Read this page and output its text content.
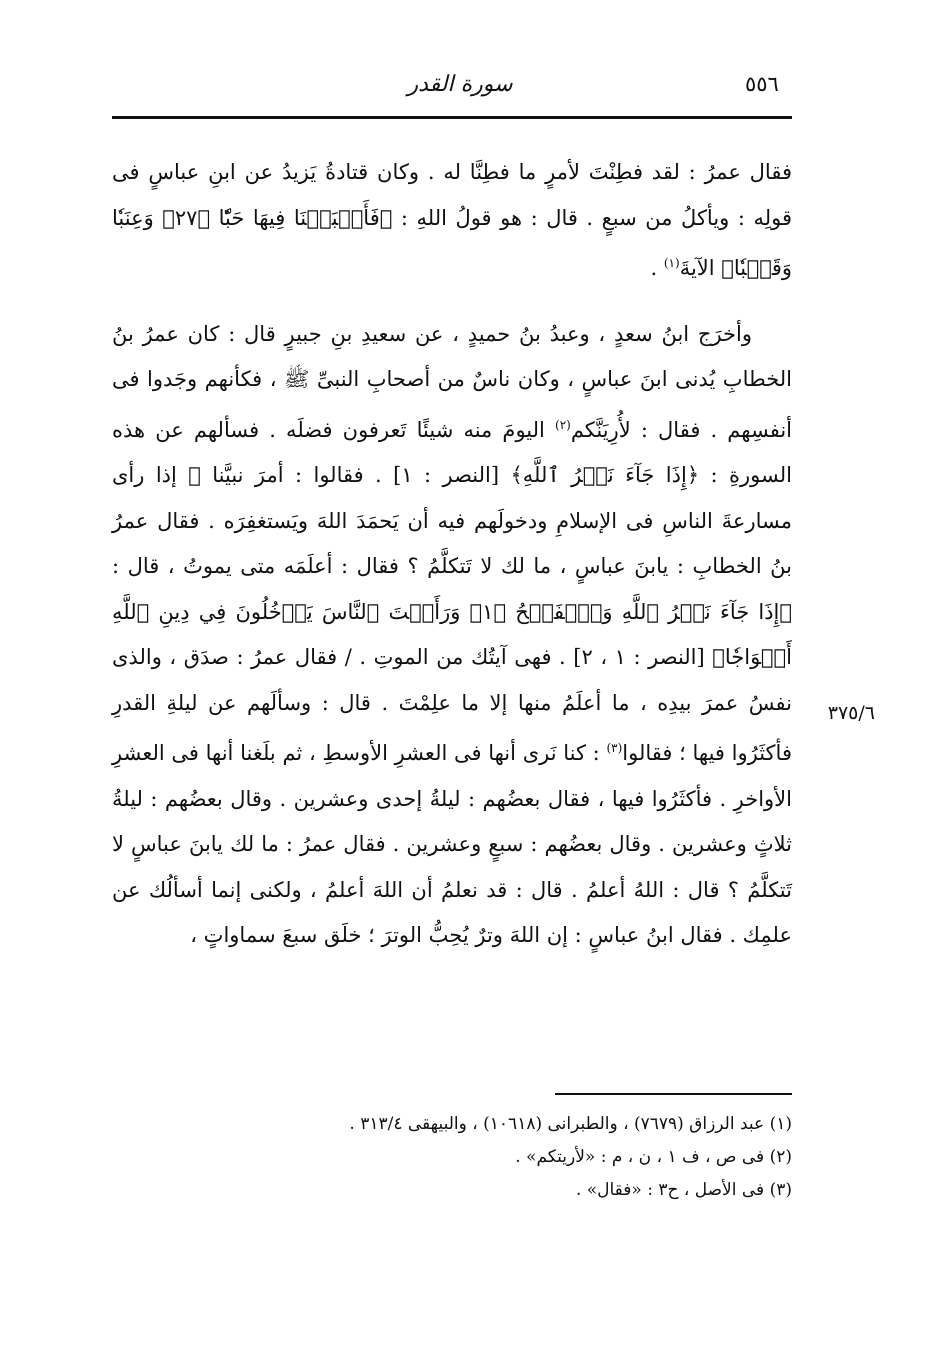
٥٥٦
سورة القدر

فقال عمرُ : لقد فطِنْتَ لأمرٍ ما فطِنَّا له . وكان قتادةُ يَزيدُ عن ابنِ عباسٍ فى قولِه : ويأكلُ من سبعٍ . قال : هو قولُ اللهِ : ﴿فَأَنۢبَتۡنَا فِيهَا حَبّٗا ﴿٢٧﴾ وَعِنَبٗا وَقَضۡبٗا﴾ الآيةَ$^{(١)}$ .

وأخرَج ابنُ سعدٍ ، وعبدُ بنُ حميدٍ ، عن سعيدِ بنِ جبيرٍ قال : كان عمرُ بنُ الخطابِ يُدنى ابنَ عباسٍ ، وكان ناسٌ من أصحابِ النبىِّ ﷺ ، فكأنهم وجَدوا فى أنفسِهم . فقال : لأُرِيَنَّكم$^{(٢)}$ اليومَ منه شيئًا تَعرفون فضلَه . فسألهم عن هذه السورةِ : ﴿إِذَا جَآءَ نَصۡرُ ٱللَّهِ﴾ [النصر : ١] . فقالوا : أمرَ نبيَّنا ﷺ إذا رأى مسارعةَ الناسِ فى الإسلامِ ودخولَهم فيه أن يَحمَدَ اللهَ ويَستغفِرَه . فقال عمرُ بنُ الخطابِ : يابنَ عباسٍ ، ما لك لا تَتكلَّمُ ؟ فقال : أعلَمَه متى يموتُ ، قال : ﴿إِذَا جَآءَ نَصۡرُ ٱللَّهِ وَٱلۡفَتۡحُ ﴿١﴾ وَرَأَيۡتَ ٱلنَّاسَ يَدۡخُلُونَ فِي دِينِ ٱللَّهِ أَفۡوَاجٗا﴾ [النصر : ١ ، ٢] . فهى آيتُك من الموتِ . / فقال عمرُ : صدَق ، والذى نفسُ عمرَ بيدِه ، ما أعلَمُ منها إلا ما علِمْتَ . قال : وسألَهم عن ليلةِ القدرِ فأكثَرُوا فيها ؛ فقالوا$^{(٣)}$ : كنا نَرى أنها فى العشرِ الأوسطِ ، ثم بلَغنا أنها فى العشرِ الأواخرِ . فأكثَرُوا فيها ، فقال بعضُهم : ليلةُ إحدى وعشرين . وقال بعضُهم : ليلةُ ثلاثٍ وعشرين . وقال بعضُهم : سبعٍ وعشرين . فقال عمرُ : ما لك يابنَ عباسٍ لا تَتكلَّمُ ؟ قال : اللهُ أعلمُ . قال : قد نعلمُ أن اللهَ أعلمُ ، ولكنى إنما أسألُك عن علمِك . فقال ابنُ عباسٍ : إن اللهَ وترٌ يُحِبُّ الوترَ ؛ خلَق سبعَ سماواتٍ ،

٣٧٥/٦
(١) عبد الرزاق (٧٦٧٩) ، والطبرانى (١٠٦١٨) ، والبيهقى ٣١٣/٤ .
(٢) فى ص ، ف ١ ، ن ، م : «لأريتكم» .
(٣) فى الأصل ، ح٣ : «فقال» .
